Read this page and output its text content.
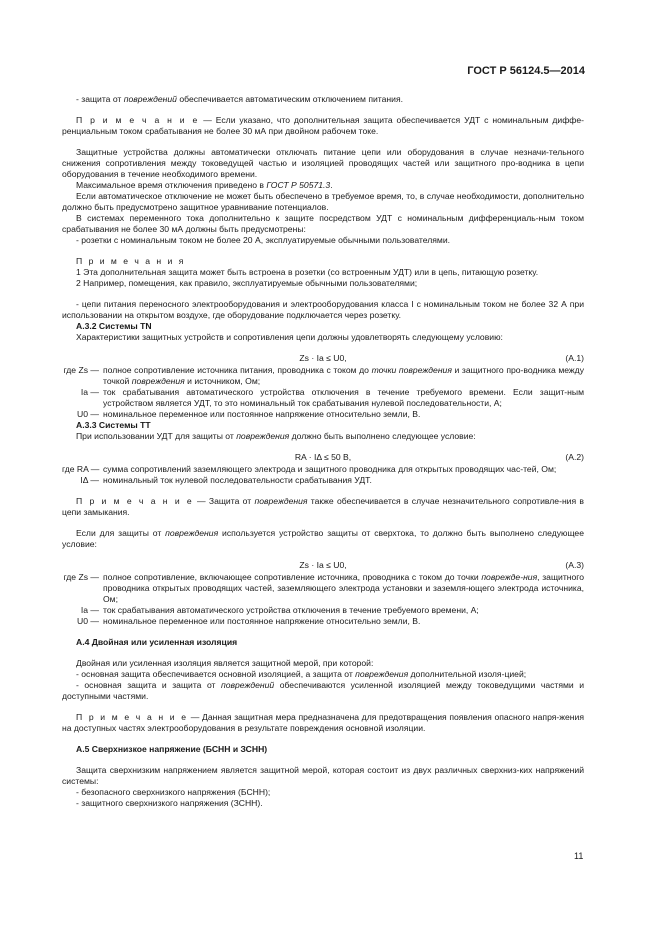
ГОСТ Р 56124.5—2014

- защита от повреждений обеспечивается автоматическим отключением питания.

П р и м е ч а н и е — Если указано, что дополнительная защита обеспечивается УДТ с номинальным диффе-ренциальным током срабатывания не более 30 мА при двойном рабочем токе.

Защитные устройства должны автоматически отключать питание цепи или оборудования в случае незначи-тельного снижения сопротивления между токоведущей частью и изоляцией проводящих частей или защитного про-водника в цепи оборудования в течение необходимого времени.

Максимальное время отключения приведено в ГОСТ Р 50571.3.

Если автоматическое отключение не может быть обеспечено в требуемое время, то, в случае необходимости, дополнительно должно быть предусмотрено защитное уравнивание потенциалов.

В системах переменного тока дополнительно к защите посредством УДТ с номинальным дифференциаль-ным током срабатывания не более 30 мА должны быть предусмотрены:

- розетки с номинальным током не более 20 А, эксплуатируемые обычными пользователями.

П р и м е ч а н и я

1 Эта дополнительная защита может быть встроена в розетки (со встроенным УДТ) или в цепь, питающую розетку.

2 Например, помещения, как правило, эксплуатируемые обычными пользователями;

- цепи питания переносного электрооборудования и электрооборудования класса I с номинальным током не более 32 А при использовании на открытом воздухе, где оборудование подключается через розетку.

А.3.2 Системы TN

Характеристики защитных устройств и сопротивления цепи должны удовлетворять следующему условию:

Zs · Ia ≤ U0,	(А.1)
где Zs — полное сопротивление источника питания, проводника с током до точки повреждения и защитного про-водника между точкой повреждения и источником, Ом;
Ia — ток срабатывания автоматического устройства отключения в течение требуемого времени. Если защит-ным устройством является УДТ, то это номинальный ток срабатывания нулевой последовательности, А;
U0 — номинальное переменное или постоянное напряжение относительно земли, В.

А.3.3 Системы TT

При использовании УДТ для защиты от повреждения должно быть выполнено следующее условие:

RA · IΔ ≤ 50 В,	(А.2)
где RA — сумма сопротивлений заземляющего электрода и защитного проводника для открытых проводящих час-тей, Ом;
IΔ — номинальный ток нулевой последовательности срабатывания УДТ.

П р и м е ч а н и е — Защита от повреждения также обеспечивается в случае незначительного сопротивле-ния в цепи замыкания.

Если для защиты от повреждения используется устройство защиты от сверхтока, то должно быть выполнено следующее условие:

Zs · Ia ≤ U0,	(А.3)
где Zs — полное сопротивление, включающее сопротивление источника, проводника с током до точки поврежде-ния, защитного проводника открытых проводящих частей, заземляющего электрода установки и заземля-ющего электрода источника, Ом;
Ia — ток срабатывания автоматического устройства отключения в течение требуемого времени, А;
U0 — номинальное переменное или постоянное напряжение относительно земли, В.

А.4 Двойная или усиленная изоляция

Двойная или усиленная изоляция является защитной мерой, при которой:

- основная защита обеспечивается основной изоляцией, а защита от повреждения дополнительной изоля-цией;

- основная защита и защита от повреждений обеспечиваются усиленной изоляцией между токоведущими частями и доступными частями.

П р и м е ч а н и е — Данная защитная мера предназначена для предотвращения появления опасного напря-жения на доступных частях электрооборудования в результате повреждения основной изоляции.

А.5 Сверхнизкое напряжение (БСНН и ЗСНН)

Защита сверхнизким напряжением является защитной мерой, которая состоит из двух различных сверхниз-ких напряжений системы:

- безопасного сверхнизкого напряжения (БСНН);

- защитного сверхнизкого напряжения (ЗСНН).

11
